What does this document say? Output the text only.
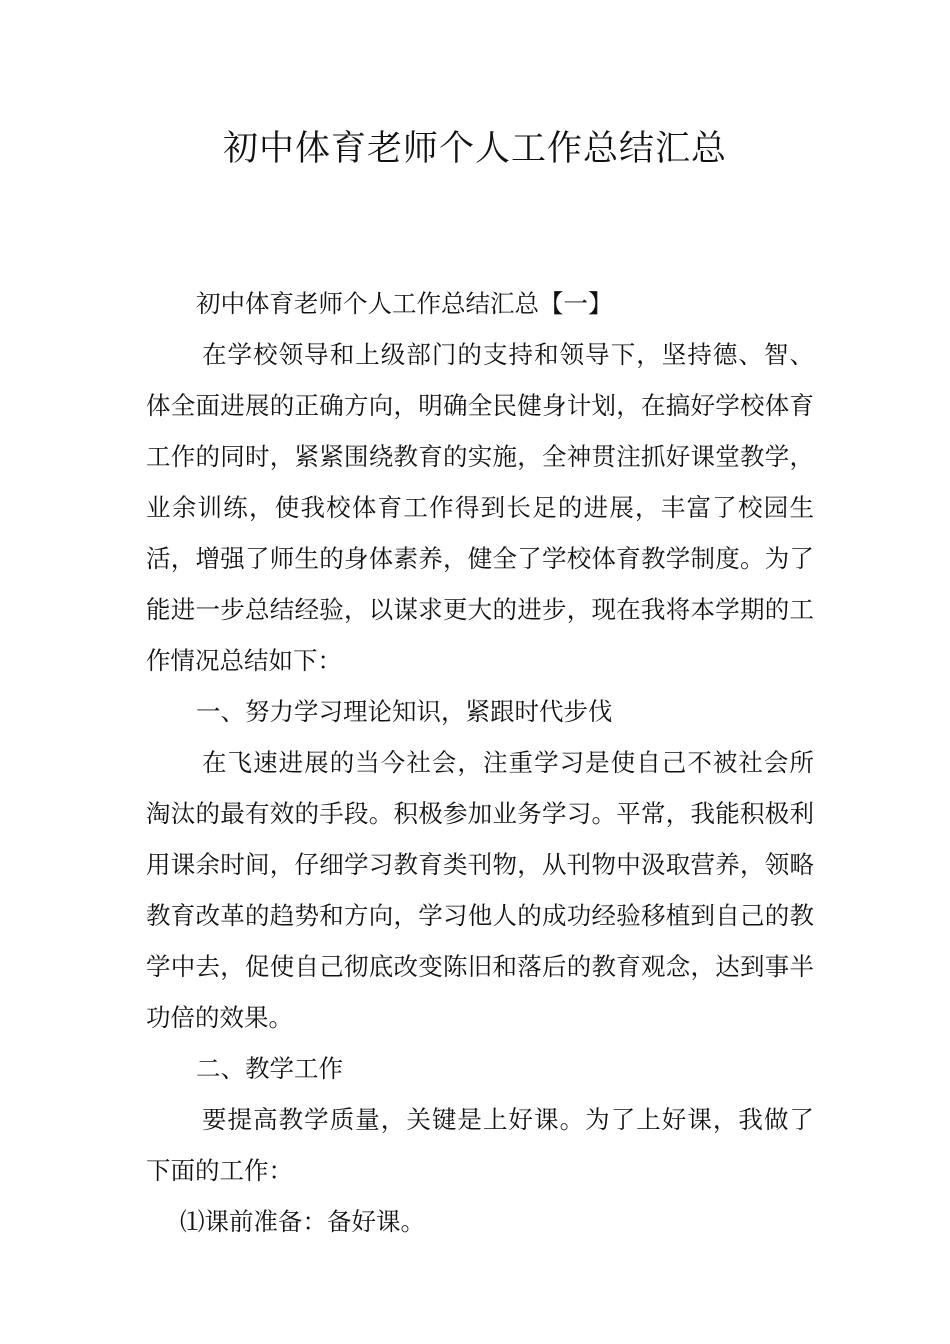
初中体育老师个人工作总结汇总

初中体育老师个人工作总结汇总【一】

在学校领导和上级部门的支持和领导下，坚持德、智、体全面进展的正确方向，明确全民健身计划，在搞好学校体育工作的同时，紧紧围绕教育的实施，全神贯注抓好课堂教学，业余训练，使我校体育工作得到长足的进展，丰富了校园生活，增强了师生的身体素养，健全了学校体育教学制度。为了能进一步总结经验，以谋求更大的进步，现在我将本学期的工作情况总结如下：

一、努力学习理论知识，紧跟时代步伐

在飞速进展的当今社会，注重学习是使自己不被社会所淘汰的最有效的手段。积极参加业务学习。平常，我能积极利用课余时间，仔细学习教育类刊物，从刊物中汲取营养，领略教育改革的趋势和方向，学习他人的成功经验移植到自己的教学中去，促使自己彻底改变陈旧和落后的教育观念，达到事半功倍的效果。

二、教学工作

要提高教学质量，关键是上好课。为了上好课，我做了下面的工作：

⑴课前准备：备好课。
